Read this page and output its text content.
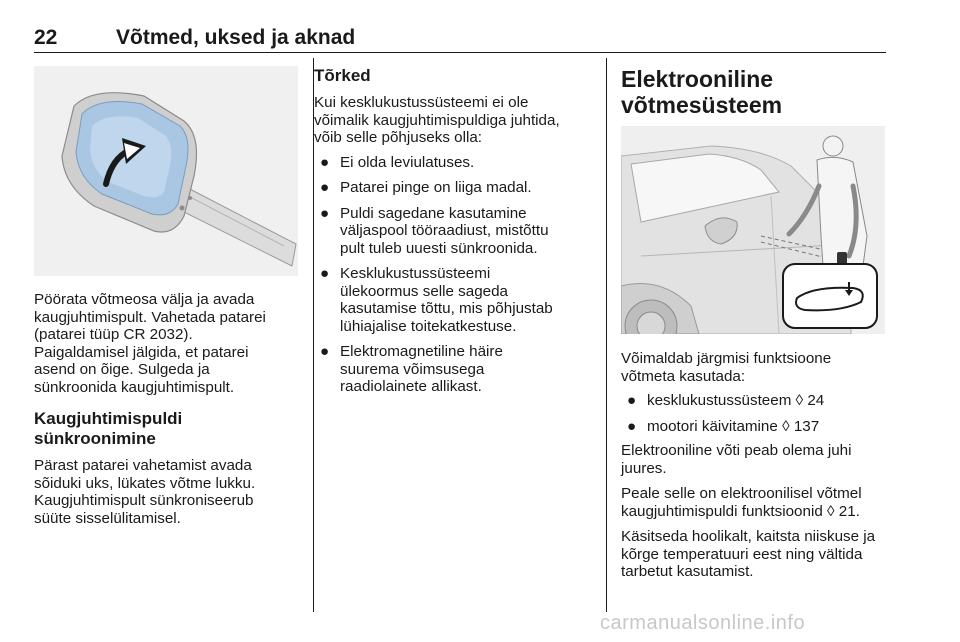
22	Võtmed, uksed ja aknad

Pöörata võtmeosa välja ja avada
kaugjuhtimispult. Vahetada patarei
(patarei tüüp CR 2032).
Paigaldamisel jälgida, et patarei
asend on õige. Sulgeda ja
sünkroonida kaugjuhtimispult.

Kaugjuhtimispuldi sünkroonimine

Pärast patarei vahetamist avada
sõiduki uks, lükates võtme lukku.
Kaugjuhtimispult sünkroniseerub
süüte sisselülitamisel.

Tõrked

Kui kesklukustussüsteemi ei ole
võimalik kaugjuhtimispuldiga juhtida,
võib selle põhjuseks olla:

● Ei olda leviulatuses.
● Patarei pinge on liiga madal.
● Puldi sagedane kasutamine
väljaspool tööraadiust, mistõttu
pult tuleb uuesti sünkroonida.
● Kesklukustussüsteemi
ülekoormus selle sageda
kasutamise tõttu, mis põhjustab
lühiajalise toitekatkestuse.
● Elektromagnetiline häire
suurema võimsusega
raadiolainete allikast.
Elektrooniline
võtmesüsteem

Võimaldab järgmisi funktsioone
võtmeta kasutada:

● kesklukustussüsteem ◊ 24
● mootori käivitamine ◊ 137

Elektrooniline võti peab olema juhi
juures.

Peale selle on elektroonilisel võtmel
kaugjuhtimispuldi funktsioonid ◊ 21.

Käsitseda hoolikalt, kaitsta niiskuse ja
kõrge temperatuuri eest ning vältida
tarbetut kasutamist.

carmanualsonline.info
